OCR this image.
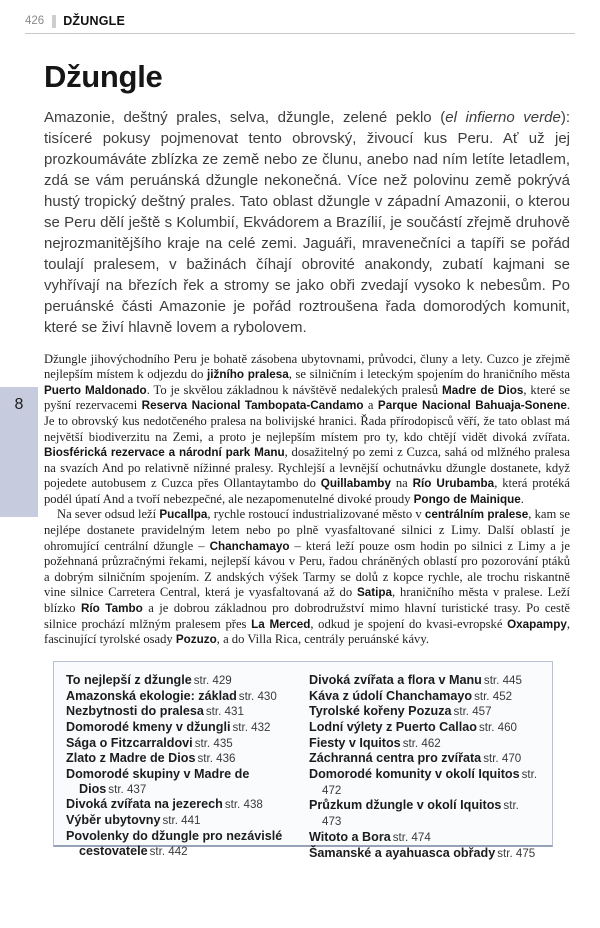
426 DŽUNGLE
8
Džungle

Amazonie, deštný prales, selva, džungle, zelené peklo (el infierno verde): tisíceré pokusy pojmenovat tento obrovský, živoucí kus Peru. Ať už jej prozkoumáváte zblízka ze země nebo ze člunu, anebo nad ním letíte letadlem, zdá se vám peruánská džungle nekonečná. Více než polovinu země pokrývá hustý tropický deštný prales. Tato oblast džungle v západní Amazonii, o kterou se Peru dělí ještě s Kolumbií, Ekvádorem a Brazílií, je součástí zřejmě druhově nejrozmanitějšího kraje na celé zemi. Jaguáři, mravenečníci a tapíři se pořád toulají pralesem, v bažinách číhají obrovité anakondy, zubatí kajmani se vyhřívají na březích řek a stromy se jako obři zvedají vysoko k nebesům. Po peruánské části Amazonie je pořád roztroušena řada domorodých komunit, které se živí hlavně lovem a rybolovem.

Džungle jihovýchodního Peru je bohatě zásobena ubytovnami, průvodci, čluny a lety. Cuzco je zřejmě nejlepším místem k odjezdu do jižního pralesa, se silničním i leteckým spojením do hraničního města Puerto Maldonado. To je skvělou základnou k návštěvě nedalekých pralesů Madre de Dios, které se pyšní rezervacemi Reserva Nacional Tambopata-Candamo a Parque Nacional Bahuaja-Sonene. Je to obrovský kus nedotčeného pralesa na bolivijské hranici. Řada přírodopisců věří, že tato oblast má největší biodiverzitu na Zemi, a proto je nejlepším místem pro ty, kdo chtějí vidět divoká zvířata. Biosférická rezervace a národní park Manu, dosažitelný po zemi z Cuzca, sahá od mlžného pralesa na svazích And po relativně nížinné pralesy. Rychlejší a levnější ochutnávku džungle dostanete, když pojedete autobusem z Cuzca přes Ollantaytambo do Quillabamby na Río Urubamba, která protéká podél úpatí And a tvoří nebezpečné, ale nezapomenutelné divoké proudy Pongo de Mainique.

Na sever odsud leží Pucallpa, rychle rostoucí industrializované město v centrálním pralese, kam se nejlépe dostanete pravidelným letem nebo po plně vyasfaltované silnici z Limy. Další oblastí je ohromující centrální džungle – Chanchamayo – která leží pouze osm hodin po silnici z Limy a je požehnaná průzračnými řekami, nejlepší kávou v Peru, řadou chráněných oblastí pro pozorování ptáků a dobrým silničním spojením. Z andských výšek Tarmy se dolů z kopce rychle, ale trochu riskantně vine silnice Carretera Central, která je vyasfaltovaná až do Satipa, hraničního města v pralese. Leží blízko Río Tambo a je dobrou základnou pro dobrodružství mimo hlavní turistické trasy. Po cestě silnice prochází mlžným pralesem přes La Merced, odkud je spojení do kvasi-evropské Oxapampy, fascinující tyrolské osady Pozuzo, a do Villa Rica, centrály peruánské kávy.

To nejlepší z džungle str. 429
Amazonská ekologie: základ str. 430
Nezbytnosti do pralesa str. 431
Domorodé kmeny v džungli str. 432
Sága o Fitzcarraldovi str. 435
Zlato z Madre de Dios str. 436
Domorodé skupiny v Madre de Dios str. 437
Divoká zvířata na jezerech str. 438
Výběr ubytovny str. 441
Povolenky do džungle pro nezávislé cestovatele str. 442
Divoká zvířata a flora v Manu str. 445
Káva z údolí Chanchamayo str. 452
Tyrolské kořeny Pozuza str. 457
Lodní výlety z Puerto Callao str. 460
Fiesty v Iquitos str. 462
Záchranná centra pro zvířata str. 470
Domorodé komunity v okolí Iquitos str. 472
Průzkum džungle v okolí Iquitos str. 473
Witoto a Bora str. 474
Šamanské a ayahuasca obřady str. 475
